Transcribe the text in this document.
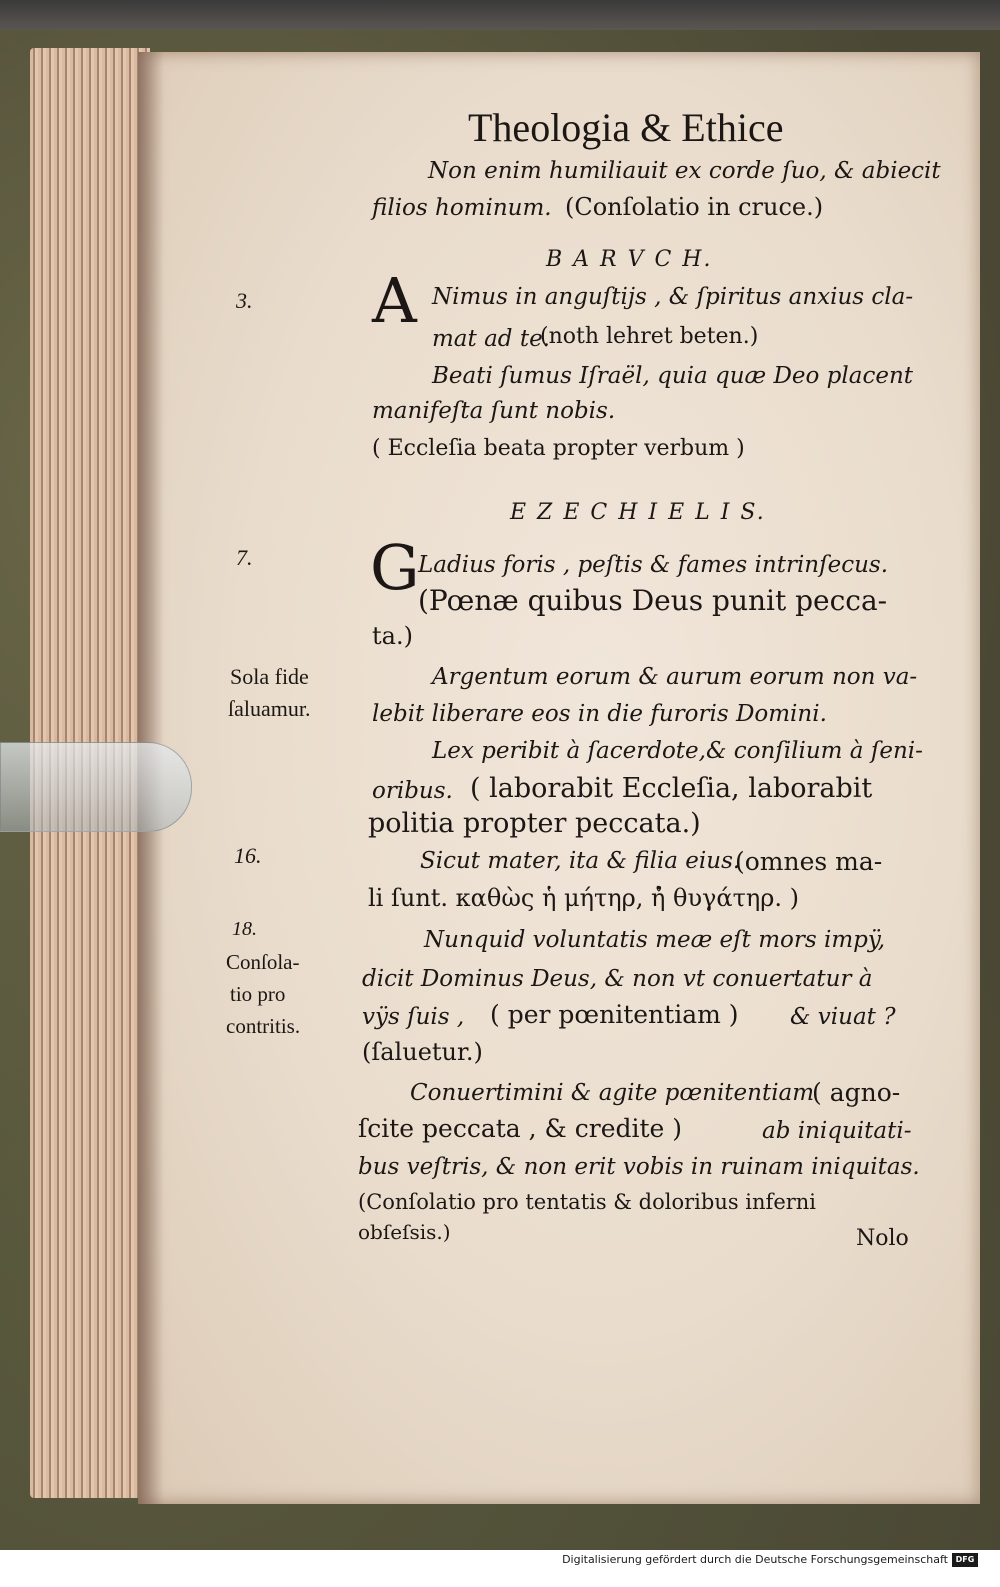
Theologia & Ethice
Non enim humiliauit ex corde ſuo, & abiecit
filios hominum. (Conſolatio in cruce.)
B A R V C H.
3. A Nimus in anguſtijs , & ſpiritus anxius cla-
mat ad te.
(noth lehret beten.)
Beati ſumus Iſraël, quia quæ Deo placent
manifeſta ſunt nobis.
( Eccleſia beata propter verbum )
E Z E C H I E L I S.
7. G
Ladius foris , peſtis & fames intrinſecus.
(Pœnæ quibus Deus punit pecca-
ta.)
Sola fide
ſaluamur.
Argentum eorum & aurum eorum non va-
lebit liberare eos in die furoris Domini.
Lex peribit à ſacerdote,& conſilium à ſeni-
oribus. ( laborabit Eccleſia, laborabit
politia propter peccata.)
16.	Sicut mater, ita & filia eius.
(omnes ma-
li ſunt. καθὼς ἡ μήτηρ, ἡ̓ θυγάτηρ. )
18.
Conſola-
tio pro
contritis.
Nunquid voluntatis meæ eſt mors impÿ,
dicit Dominus Deus, & non vt conuertatur à
vÿs ſuis , ( per pœnitentiam ) & viuat ?
(ſaluetur.)
Conuertimini & agite pœnitentiam
( agno-
ſcite peccata , & credite )	ab iniquitati-
bus veſtris, & non erit vobis in ruinam iniquitas.
(Conſolatio pro tentatis & doloribus inferni
obſeſsis.)	Nolo
Digitalisierung gefördert durch die Deutsche Forschungsgemeinschaft DFG
